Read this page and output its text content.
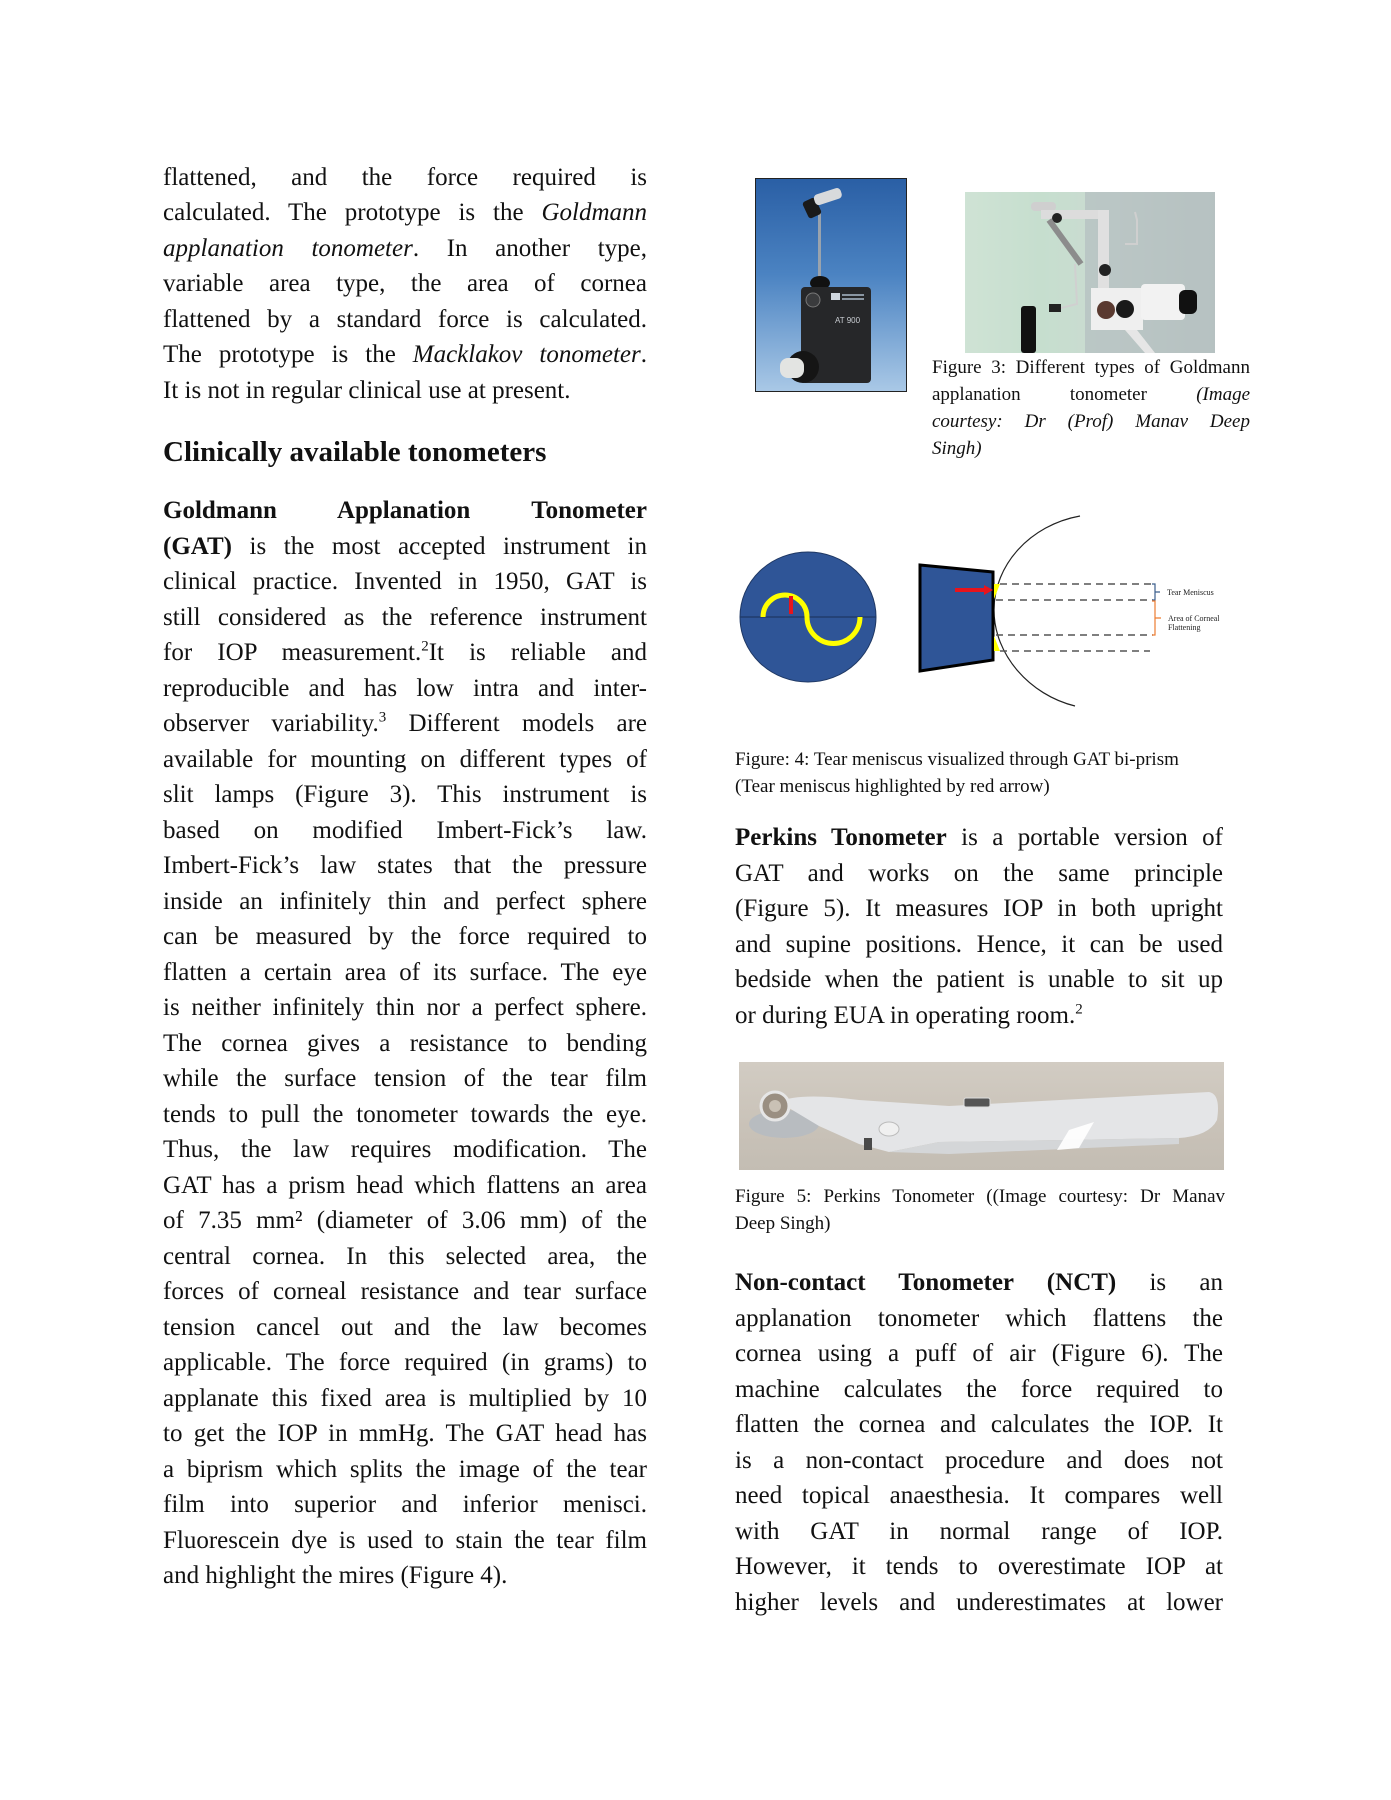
flattened, and the force required is
calculated. The prototype is the Goldmann
applanation tonometer. In another type,
variable area type, the area of cornea
flattened by a standard force is calculated.
The prototype is the Macklakov tonometer.
It is not in regular clinical use at present.
Clinically available tonometers
Goldmann Applanation Tonometer
(GAT) is the most accepted instrument in
clinical practice. Invented in 1950, GAT is
still considered as the reference instrument
for IOP measurement.$^2$It is reliable and
reproducible and has low intra and inter-
observer variability.$^3$ Different models are
available for mounting on different types of
slit lamps (Figure 3). This instrument is
based on modified Imbert-Fick’s law.
Imbert-Fick’s law states that the pressure
inside an infinitely thin and perfect sphere
can be measured by the force required to
flatten a certain area of its surface. The eye
is neither infinitely thin nor a perfect sphere.
The cornea gives a resistance to bending
while the surface tension of the tear film
tends to pull the tonometer towards the eye.
Thus, the law requires modification. The
GAT has a prism head which flattens an area
of 7.35 mm² (diameter of 3.06 mm) of the
central cornea. In this selected area, the
forces of corneal resistance and tear surface
tension cancel out and the law becomes
applicable. The force required (in grams) to
applanate this fixed area is multiplied by 10
to get the IOP in mmHg. The GAT head has
a biprism which splits the image of the tear
film into superior and inferior menisci.
Fluorescein dye is used to stain the tear film
and highlight the mires (Figure 4).
AT 900
Figure 3: Different types of Goldmann
applanation tonometer (Image
courtesy: Dr (Prof) Manav Deep
Singh)
Tear Meniscus
Area of Corneal
Flattening
Figure: 4: Tear meniscus visualized through GAT bi-prism
(Tear meniscus highlighted by red arrow)
Perkins Tonometer is a portable version of
GAT and works on the same principle
(Figure 5). It measures IOP in both upright
and supine positions. Hence, it can be used
bedside when the patient is unable to sit up
or during EUA in operating room.$^2$
Figure 5: Perkins Tonometer ((Image courtesy: Dr Manav
Deep Singh)
Non-contact Tonometer (NCT) is an
applanation tonometer which flattens the
cornea using a puff of air (Figure 6). The
machine calculates the force required to
flatten the cornea and calculates the IOP. It
is a non-contact procedure and does not
need topical anaesthesia. It compares well
with GAT in normal range of IOP.
However, it tends to overestimate IOP at
higher levels and underestimates at lower
